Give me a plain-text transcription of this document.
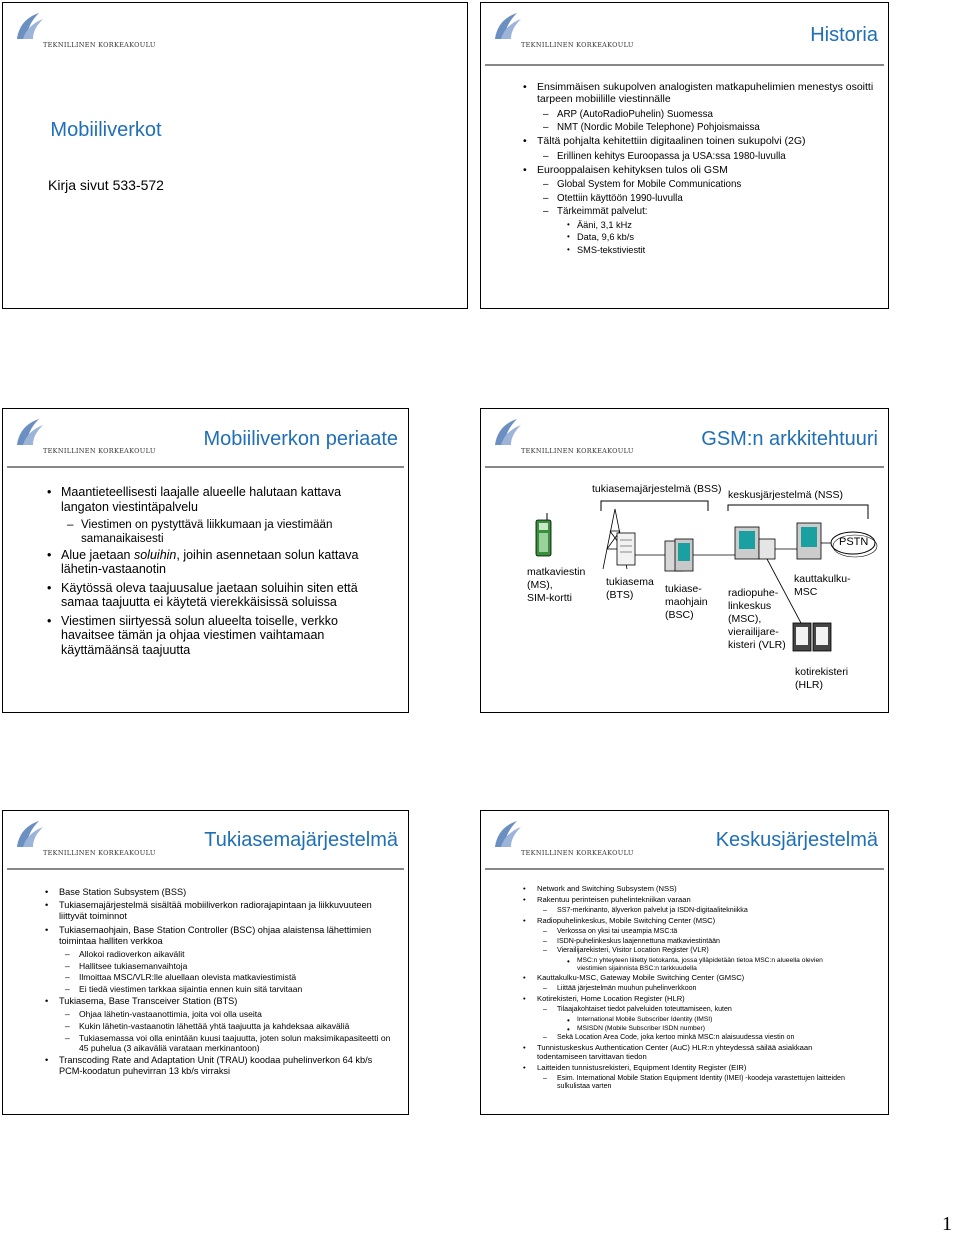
TEKNILLINEN KORKEAKOULU
Mobiiliverkot
Kirja sivut 533-572
TEKNILLINEN KORKEAKOULU	Historia
• Ensimmäisen sukupolven analogisten matkapuhelimien menestys osoitti tarpeen mobiilille viestinnälle
– ARP (AutoRadioPuhelin) Suomessa
– NMT (Nordic Mobile Telephone) Pohjoismaissa
• Tältä pohjalta kehitettiin digitaalinen toinen sukupolvi (2G)
– Erillinen kehitys Euroopassa ja USA:ssa 1980-luvulla
• Eurooppalaisen kehityksen tulos oli GSM
– Global System for Mobile Communications
– Otettiin käyttöön 1990-luvulla
– Tärkeimmät palvelut:
• Ääni, 3,1 kHz
• Data, 9,6 kb/s
• SMS-tekstiviestit
TEKNILLINEN KORKEAKOULU
Mobiiliverkon periaate
• Maantieteellisesti laajalle alueelle halutaan kattava langaton viestintäpalvelu
– Viestimen on pystyttävä liikkumaan ja viestimään samanaikaisesti
• Alue jaetaan soluihin, joihin asennetaan solun kattava lähetin-vastaanotin
• Käytössä oleva taajuusalue jaetaan soluihin siten että samaa taajuutta ei käytetä vierekkäisissä soluissa
• Viestimen siirtyessä solun alueelta toiselle, verkko havaitsee tämän ja ohjaa viestimen vaihtamaan käyttämäänsä taajuutta
TEKNILLINEN KORKEAKOULU
GSM:n arkkitehtuuri
tukiasemajärjestelmä (BSS) keskusjärjestelmä (NSS)
PSTN
matkaviestin
(MS),
SIM-kortti
tukiasema
(BTS)	tukiase-
maohjain
(BSC)
radiopuhe-
linkeskus
(MSC),
vierailijare-
kisteri (VLR)
kauttakulku-
MSC
kotirekisteri
(HLR)
TEKNILLINEN KORKEAKOULU
Tukiasemajärjestelmä
• Base Station Subsystem (BSS)
• Tukiasemajärjestelmä sisältää mobiiliverkon radiorajapintaan ja liikkuvuuteen liittyvät toiminnot
• Tukiasemaohjain, Base Station Controller (BSC) ohjaa alaistensa lähettimien toimintaa halliten verkkoa
– Allokoi radioverkon aikavälit
– Hallitsee tukiasemanvaihtoja
– Ilmoittaa MSC/VLR:lle aluellaan olevista matkaviestimistä
– Ei tiedä viestimen tarkkaa sijaintia ennen kuin sitä tarvitaan
• Tukiasema, Base Transceiver Station (BTS)
– Ohjaa lähetin-vastaanottimia, joita voi olla useita
– Kukin lähetin-vastaanotin lähettää yhtä taajuutta ja kahdeksaa aikaväliä
– Tukiasemassa voi olla enintään kuusi taajuutta, joten solun maksimikapasiteetti on 45 puhelua (3 aikaväliä varataan merkinantoon)
• Transcoding Rate and Adaptation Unit (TRAU) koodaa puhelinverkon 64 kb/s PCM-koodatun puhevirran 13 kb/s virraksi
TEKNILLINEN KORKEAKOULU
Keskusjärjestelmä
• Network and Switching Subsystem (NSS)
• Rakentuu perinteisen puhelintekniikan varaan
– SS7-merkinanto, älyverkon palvelut ja ISDN-digitaalitekniikka
• Radiopuhelinkeskus, Mobile Switching Center (MSC)
– Verkossa on yksi tai useampia MSC:tä
– ISDN-puhelinkeskus laajennettuna matkaviestintään
– Vierailijarekisteri, Visitor Location Register (VLR)
• MSC:n yhteyteen liitetty tietokanta, jossa ylläpidetään tietoa MSC:n alueella olevien viestimien sijainnista BSC:n tarkkuudella
• Kauttakulku-MSC, Gateway Mobile Switching Center (GMSC)
– Liittää järjestelmän muuhun puhelinverkkoon
• Kotirekisteri, Home Location Register (HLR)
– Tilaajakohtaiset tiedot palveluiden toteuttamiseen, kuten
• International Mobile Subscriber Identity (IMSI)
• MSISDN (Mobile Subscriber ISDN number)
– Sekä Location Area Code, joka kertoo minkä MSC:n alaisuudessa viestin on
• Tunnistuskeskus Authentication Center (AuC) HLR:n yhteydessä säilää asiakkaan todentamiseen tarvittavan tiedon
• Laitteiden tunnistusrekisteri, Equipment Identity Register (EIR)
– Esim. International Mobile Station Equipment Identity (IMEI) -koodeja varastettujen laitteiden sulkulistaa varten
1
